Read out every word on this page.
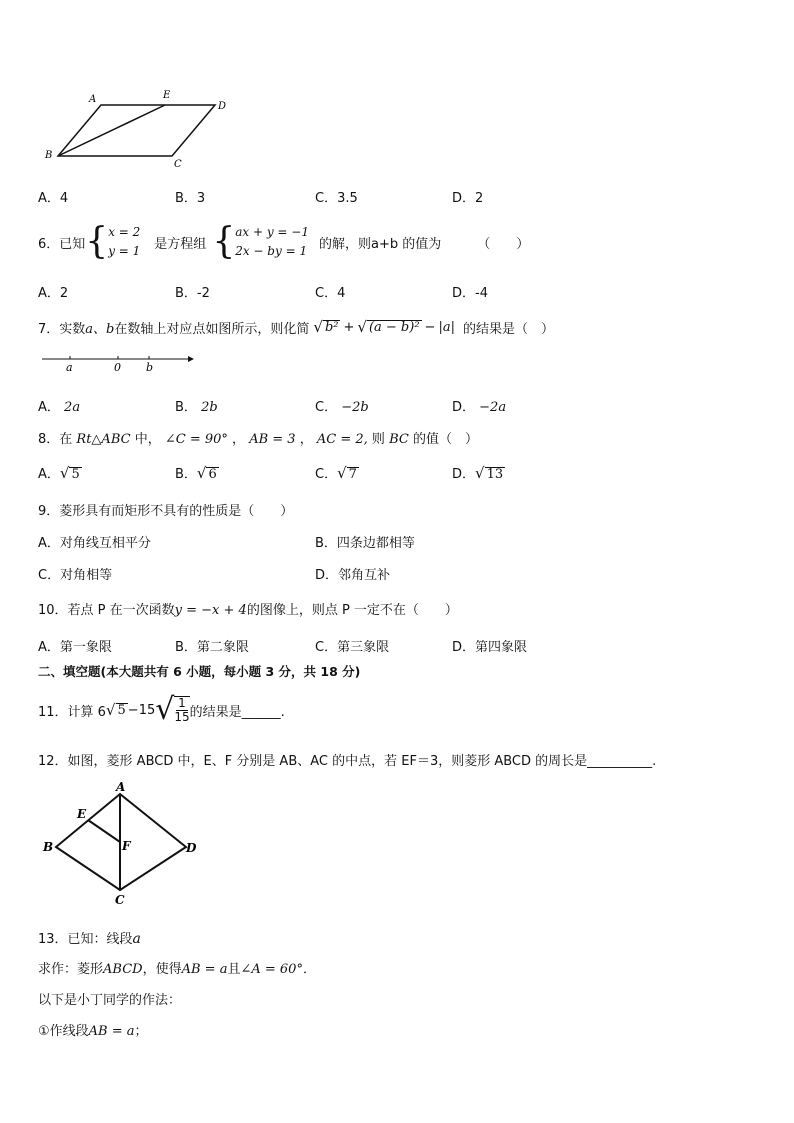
A	E
D
B
C
A．4	B．3	C．3.5	D．2
6．已知 { x = 2
y = 1 是方程组 { ax + y = −1
2x − by = 1 的解，则a+b 的值为	（　　）
A．2	B．-2	C．4	D．-4
7．实数 a、b 在数轴上对应点如图所示，则化简 √ b² + √ (a − b)² − |a| 的结果是（　）
a	0 b
A． 2a	B． 2b	C． −2b	D． −2a
8．在 Rt△ABC 中， ∠C = 90° ， AB = 3 ， AC = 2, 则 BC 的值（　）
A．√ 5	B．√ 6	C．√ 7	D．√ 13
9．菱形具有而矩形不具有的性质是（　　）
A．对角线互相平分	B．四条边都相等
C．对角相等	D．邻角互补
10．若点 P 在一次函数y = −x + 4的图像上，则点 P 一定不在（　　）
A．第一象限	B．第二象限	C．第三象限	D．第四象限
二、填空题(本大题共有 6 小题，每小题 3 分，共 18 分)
11．计算 6 √ 5 −15 √ $\frac{1}{15}$ 的结果是______.
12．如图，菱形 ABCD 中，E、F 分别是 AB、AC 的中点，若 EF＝3，则菱形 ABCD 的周长是__________.
A
E
B	F	D
C
13．已知：线段a
求作：菱形ABCD，使得AB = a且∠A = 60°．
以下是小丁同学的作法：
①作线段AB = a；
